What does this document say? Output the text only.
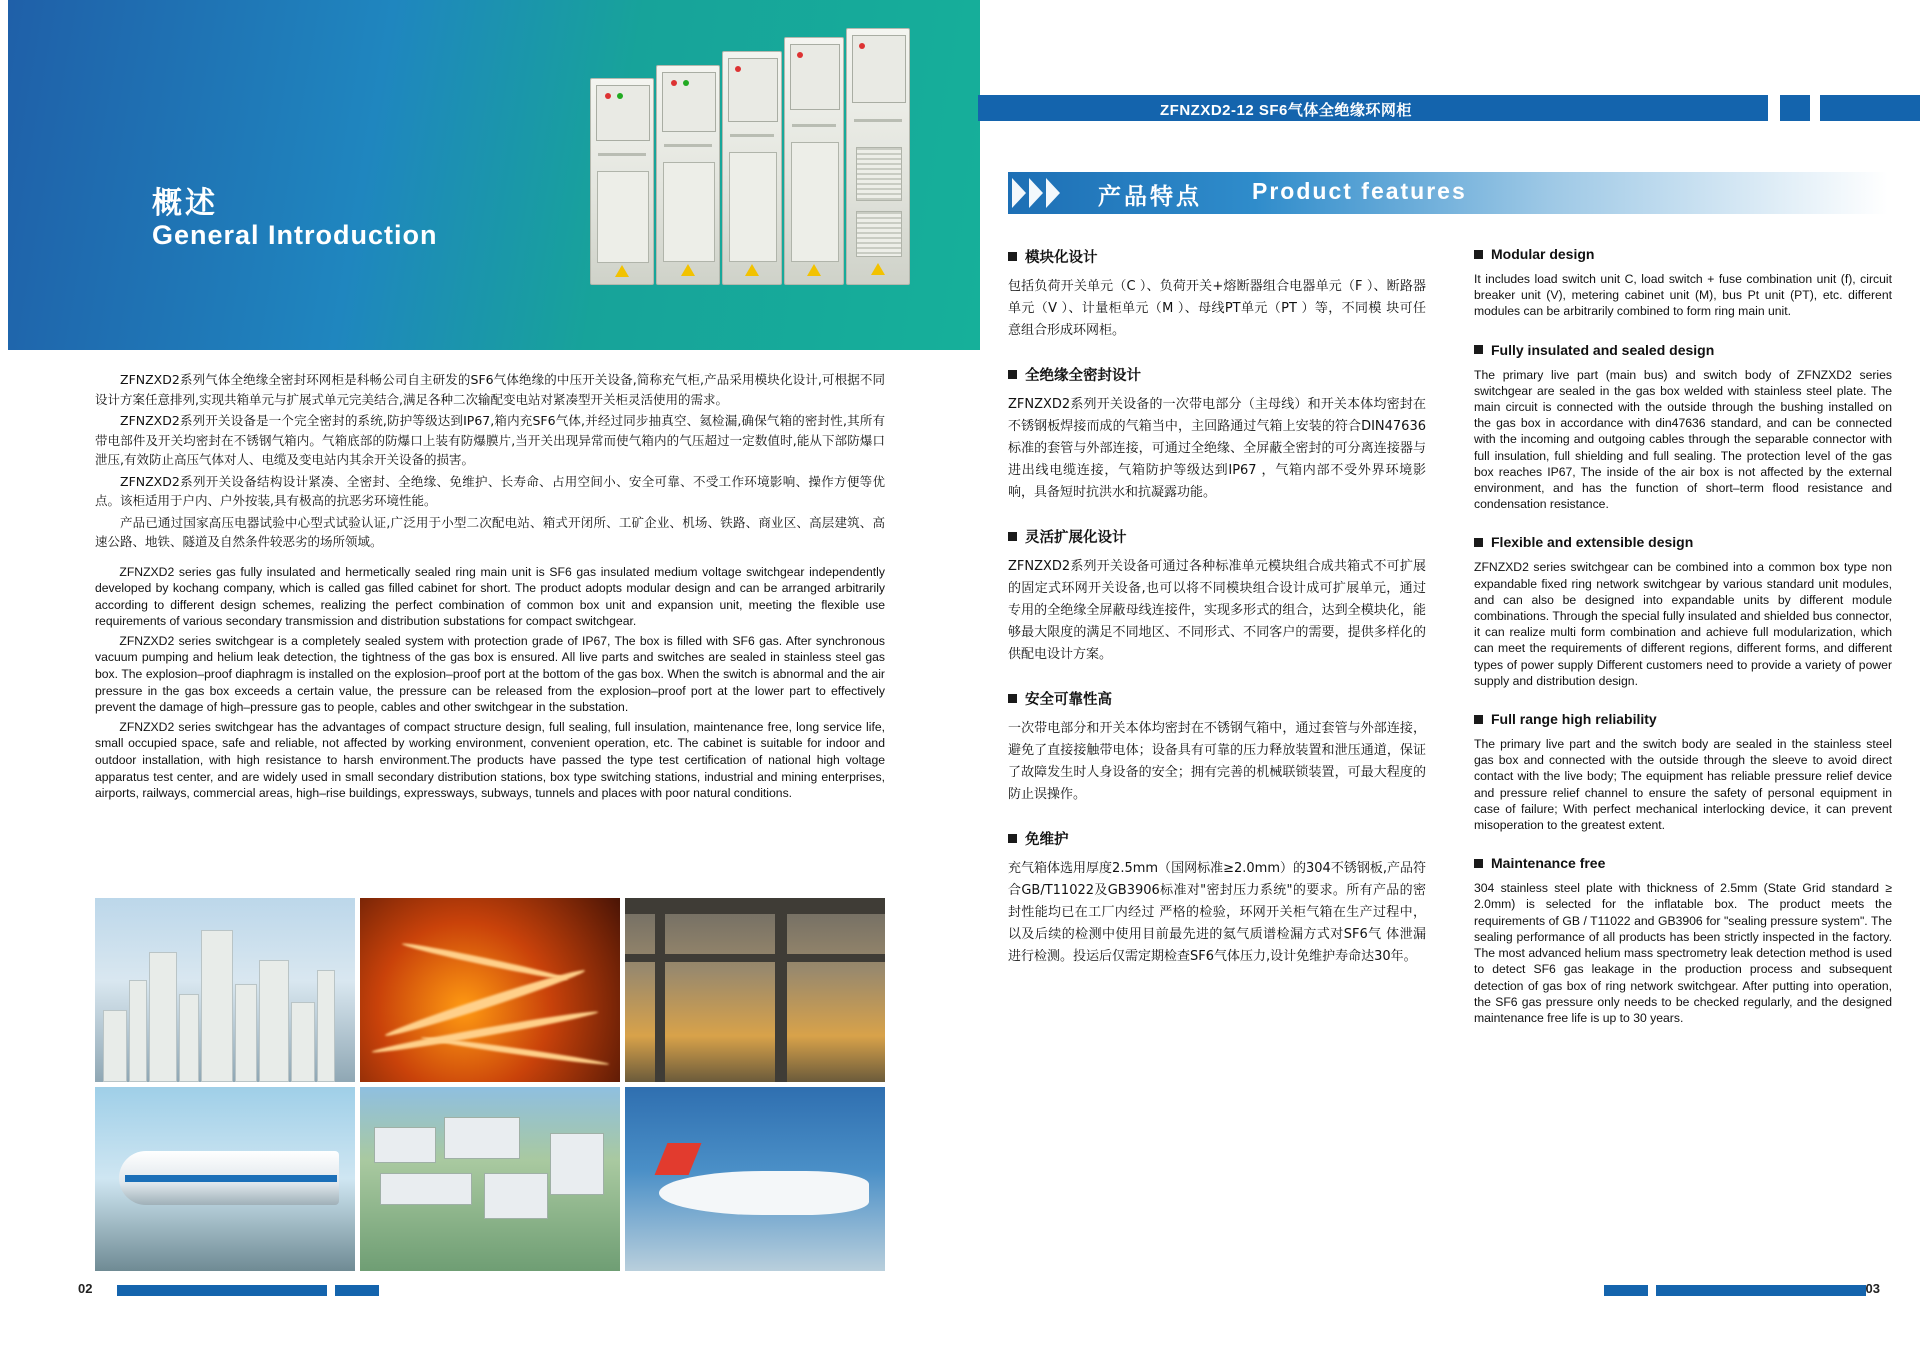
概述
General Introduction

ZFNZXD2系列气体全绝缘全密封环网柜是科畅公司自主研发的SF6气体绝缘的中压开关设备,简称充气柜,产品采用模块化设计,可根据不同设计方案任意排列,实现共箱单元与扩展式单元完美结合,满足各种二次输配变电站对紧凑型开关柜灵活使用的需求。

ZFNZXD2系列开关设备是一个完全密封的系统,防护等级达到IP67,箱内充SF6气体,并经过同步抽真空、氦检漏,确保气箱的密封性,其所有带电部件及开关均密封在不锈钢气箱内。气箱底部的防爆口上装有防爆膜片,当开关出现异常而使气箱内的气压超过一定数值时,能从下部防爆口泄压,有效防止高压气体对人、电缆及变电站内其余开关设备的损害。

ZFNZXD2系列开关设备结构设计紧凑、全密封、全绝缘、免维护、长寿命、占用空间小、安全可靠、不受工作环境影响、操作方便等优点。该柜适用于户内、户外按装,具有极高的抗恶劣环境性能。

产品已通过国家高压电器试验中心型式试验认证,广泛用于小型二次配电站、箱式开闭所、工矿企业、机场、铁路、商业区、高层建筑、高速公路、地铁、隧道及自然条件较恶劣的场所领域。

ZFNZXD2 series gas fully insulated and hermetically sealed ring main unit is SF6 gas insulated medium voltage switchgear independently developed by kochang company, which is called gas filled cabinet for short. The product adopts modular design and can be arranged arbitrarily according to different design schemes, realizing the perfect combination of common box unit and expansion unit, meeting the flexible use requirements of various secondary transmission and distribution substations for compact switchgear.

ZFNZXD2 series switchgear is a completely sealed system with protection grade of IP67, The box is filled with SF6 gas. After synchronous vacuum pumping and helium leak detection, the tightness of the gas box is ensured. All live parts and switches are sealed in stainless steel gas box. The explosion–proof diaphragm is installed on the explosion–proof port at the bottom of the gas box. When the switch is abnormal and the air pressure in the gas box exceeds a certain value, the pressure can be released from the explosion–proof port at the lower part to effectively prevent the damage of high–pressure gas to people, cables and other switchgear in the substation.

ZFNZXD2 series switchgear has the advantages of compact structure design, full sealing, full insulation, maintenance free, long service life, small occupied space, safe and reliable, not affected by working environment, convenient operation, etc. The cabinet is suitable for indoor and outdoor installation, with high resistance to harsh environment.The products have passed the type test certification of national high voltage apparatus test center, and are widely used in small secondary distribution stations, box type switching stations, industrial and mining enterprises, airports, railways, commercial areas, high–rise buildings, expressways, subways, tunnels and places with poor natural conditions.

02
ZFNZXD2-12 SF6气体全绝缘环网柜
产品特点 Product features
模块化设计
包括负荷开关单元（C ）、负荷开关+熔断器组合电器单元（F ）、断路器单元（V ）、计量柜单元（M ）、母线PT单元（PT ）等，不同模 块可任意组合形成环网柜。
全绝缘全密封设计
ZFNZXD2系列开关设备的一次带电部分（主母线）和开关本体均密封在不锈钢板焊接而成的气箱当中，主回路通过气箱上安装的符合DIN47636标准的套管与外部连接，可通过全绝缘、全屏蔽全密封的可分离连接器与进出线电缆连接，气箱防护等级达到IP67 ，气箱内部不受外界环境影响，具备短时抗洪水和抗凝露功能。
灵活扩展化设计
ZFNZXD2系列开关设备可通过各种标准单元模块组合成共箱式不可扩展的固定式环网开关设备,也可以将不同模块组合设计成可扩展单元，通过专用的全绝缘全屏蔽母线连接件，实现多形式的组合，达到全模块化，能够最大限度的满足不同地区、不同形式、不同客户的需要，提供多样化的供配电设计方案。
安全可靠性高
一次带电部分和开关本体均密封在不锈钢气箱中，通过套管与外部连接，避免了直接接触带电体；设备具有可靠的压力释放装置和泄压通道，保证了故障发生时人身设备的安全；拥有完善的机械联锁装置，可最大程度的防止误操作。
免维护
充气箱体选用厚度2.5mm（国网标准≥2.0mm）的304不锈钢板,产品符合GB/T11022及GB3906标准对"密封压力系统"的要求。所有产品的密封性能均已在工厂内经过 严格的检验，环网开关柜气箱在生产过程中，以及后续的检测中使用目前最先进的氦气质谱检漏方式对SF6气 体泄漏进行检测。投运后仅需定期检查SF6气体压力,设计免维护寿命达30年。
Modular design
It includes load switch unit C, load switch + fuse combination unit (f), circuit breaker unit (V), metering cabinet unit (M), bus Pt unit (PT), etc. different modules can be arbitrarily combined to form ring main unit.
Fully insulated and sealed design
The primary live part (main bus) and switch body of ZFNZXD2 series switchgear are sealed in the gas box welded with stainless steel plate. The main circuit is connected with the outside through the bushing installed on the gas box in accordance with din47636 standard, and can be connected with the incoming and outgoing cables through the separable connector with full insulation, full shielding and full sealing. The protection level of the gas box reaches IP67, The inside of the air box is not affected by the external environment, and has the function of short–term flood resistance and condensation resistance.
Flexible and extensible design
ZFNZXD2 series switchgear can be combined into a common box type non expandable fixed ring network switchgear by various standard unit modules, and can also be designed into expandable units by different module combinations. Through the special fully insulated and shielded bus connector, it can realize multi form combination and achieve full modularization, which can meet the requirements of different regions, different forms, and different types of power supply Different customers need to provide a variety of power supply and distribution design.
Full range high reliability
The primary live part and the switch body are sealed in the stainless steel gas box and connected with the outside through the sleeve to avoid direct contact with the live body; The equipment has reliable pressure relief device and pressure relief channel to ensure the safety of personal equipment in case of failure; With perfect mechanical interlocking device, it can prevent misoperation to the greatest extent.
Maintenance free
304 stainless steel plate with thickness of 2.5mm (State Grid standard ≥ 2.0mm) is selected for the inflatable box. The product meets the requirements of GB / T11022 and GB3906 for "sealing pressure system". The sealing performance of all products has been strictly inspected in the factory. The most advanced helium mass spectrometry leak detection method is used to detect SF6 gas leakage in the production process and subsequent detection of gas box of ring network switchgear. After putting into operation, the SF6 gas pressure only needs to be checked regularly, and the designed maintenance free life is up to 30 years.
03
